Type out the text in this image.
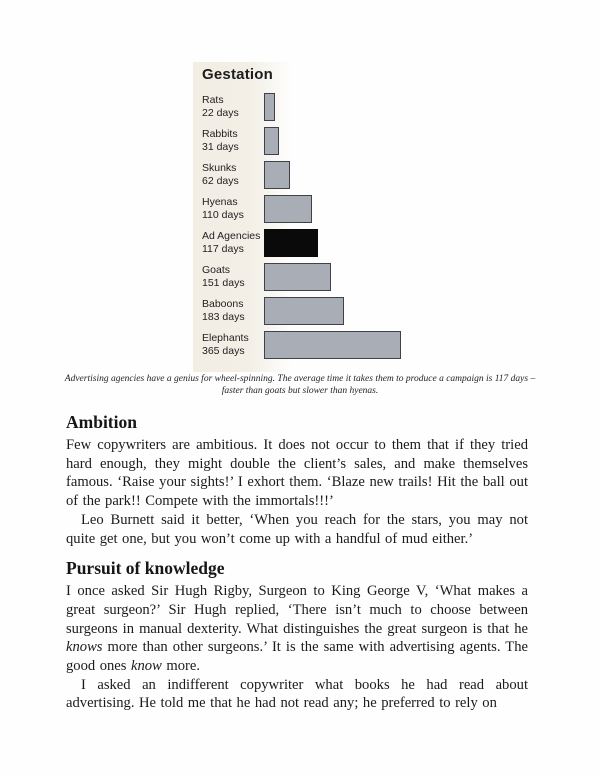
Gestation
Rats
22 days
Rabbits
31 days
Skunks
62 days
Hyenas
110 days
Ad Agencies
117 days
Goats
151 days
Baboons
183 days
Elephants
365 days
Advertising agencies have a genius for wheel-spinning. The average time it takes them to produce a campaign is 117 days – faster than goats but slower than hyenas.
Ambition

Few copywriters are ambitious. It does not occur to them that if they tried hard enough, they might double the client’s sales, and make themselves famous. ‘Raise your sights!’ I exhort them. ‘Blaze new trails! Hit the ball out of the park!! Compete with the immortals!!!’

Leo Burnett said it better, ‘When you reach for the stars, you may not quite get one, but you won’t come up with a handful of mud either.’

Pursuit of knowledge

I once asked Sir Hugh Rigby, Surgeon to King George V, ‘What makes a great surgeon?’ Sir Hugh replied, ‘There isn’t much to choose between surgeons in manual dexterity. What distinguishes the great surgeon is that he knows more than other surgeons.’ It is the same with advertising agents. The good ones know more.

I asked an indifferent copywriter what books he had read about advertising. He told me that he had not read any; he preferred to rely on
